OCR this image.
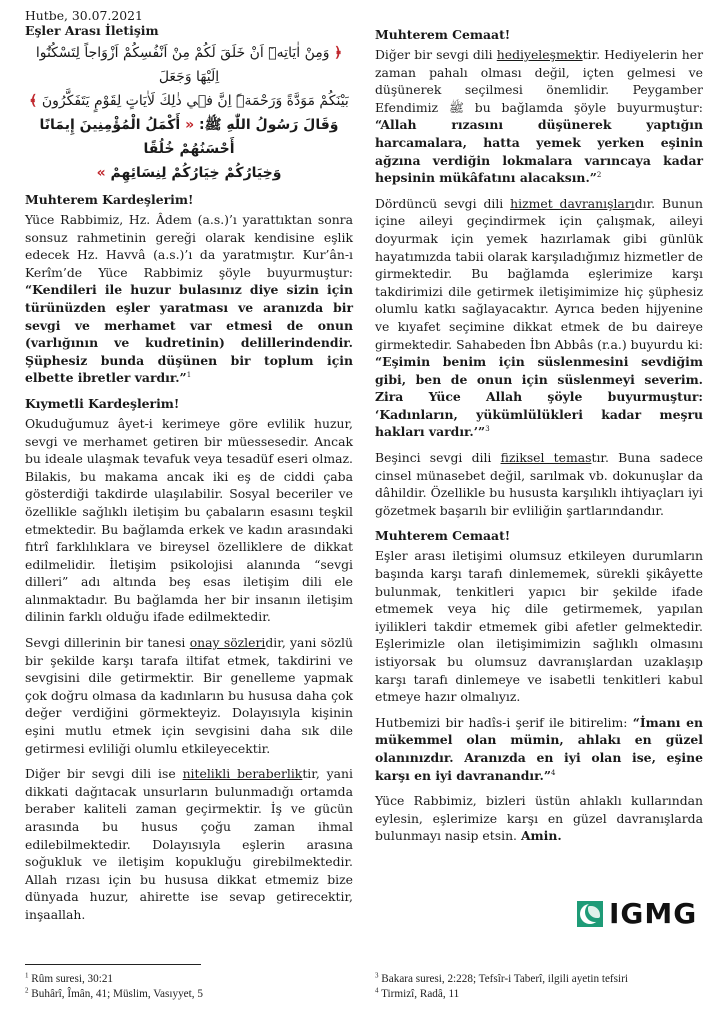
Hutbe, 30.07.2021
Eşler Arası İletişim
﴿ وَمِنْ اٰيَاتِه۪ٓ اَنْ خَلَقَ لَكُمْ مِنْ اَنْفُسِكُمْ اَزْوَاجاً لِتَسْكُنُٓوا اِلَيْهَا وَجَعَلَ
بَيْنَكُمْ مَوَدَّةً وَرَحْمَةًۜ اِنَّ ف۪ي ذٰلِكَ لَاٰيَاتٍ لِقَوْمٍ يَتَفَكَّرُونَ ﴾
وَقَالَ رَسُولُ اللّٰهِ ﷺ: « أَكْمَلُ الْمُؤْمِنِينَ إِيمَانًا أَحْسَنُهُمْ خُلُقًا
وَخِيَارُكُمْ خِيَارُكُمْ لِنِسَائِهِمْ »
Muhterem Kardeşlerim!

Yüce Rabbimiz, Hz. Âdem (a.s.)’ı yarattıktan sonra sonsuz rahmetinin gereği olarak kendisine eşlik edecek Hz. Havvâ (a.s.)’ı da yaratmıştır. Kur’ân-ı Kerîm’de Yüce Rabbimiz şöyle buyurmuştur: “Kendileri ile huzur bulasınız diye sizin için türünüzden eşler yaratması ve aranızda bir sevgi ve merhamet var etmesi de onun (varlığının ve kudretinin) delillerindendir. Şüphesiz bunda düşünen bir toplum için elbette ibretler vardır.”$^1$

Kıymetli Kardeşlerim!

Okuduğumuz âyet-i kerimeye göre evlilik huzur, sevgi ve merhamet getiren bir müessesedir. Ancak bu ideale ulaşmak tevafuk veya tesadüf eseri olmaz. Bilakis, bu makama ancak iki eş de ciddi çaba gösterdiği takdirde ulaşılabilir. Sosyal beceriler ve özellikle sağlıklı iletişim bu çabaların esasını teşkil etmektedir. Bu bağlamda erkek ve kadın arasındaki fıtrî farklılıklara ve bireysel özelliklere de dikkat edilmelidir. İletişim psikolojisi alanında “sevgi dilleri” adı altında beş esas iletişim dili ele alınmaktadır. Bu bağlamda her bir insanın iletişim dilinin farklı olduğu ifade edilmektedir.

Sevgi dillerinin bir tanesi onay sözleridir, yani sözlü bir şekilde karşı tarafa iltifat etmek, takdirini ve sevgisini dile getirmektir. Bir genelleme yapmak çok doğru olmasa da kadınların bu hususa daha çok değer verdiğini görmekteyiz. Dolayısıyla kişinin eşini mutlu etmek için sevgisini daha sık dile getirmesi evliliği olumlu etkileyecektir.

Diğer bir sevgi dili ise nitelikli beraberliktir, yani dikkati dağıtacak unsurların bulunmadığı ortamda beraber kaliteli zaman geçirmektir. İş ve gücün arasında bu husus çoğu zaman ihmal edilebilmektedir. Dolayısıyla eşlerin arasına soğukluk ve iletişim kopukluğu girebilmektedir. Allah rızası için bu hususa dikkat etmemiz bize dünyada huzur, ahirette ise sevap getirecektir, inşaallah.

Muhterem Cemaat!

Diğer bir sevgi dili hediyeleşmektir. Hediyelerin her zaman pahalı olması değil, içten gelmesi ve düşünerek seçilmesi önemlidir. Peygamber Efendimiz ﷺ bu bağlamda şöyle buyurmuştur: “Allah rızasını düşünerek yaptığın harcamalara, hatta yemek yerken eşinin ağzına verdiğin lokmalara varıncaya kadar hepsinin mükâfatını alacaksın.”$^2$

Dördüncü sevgi dili hizmet davranışlarıdır. Bunun içine aileyi geçindirmek için çalışmak, aileyi doyurmak için yemek hazırlamak gibi günlük hayatımızda tabii olarak karşıladığımız hizmetler de girmektedir. Bu bağlamda eşlerimize karşı takdirimizi dile getirmek iletişimimize hiç şüphesiz olumlu katkı sağlayacaktır. Ayrıca beden hijyenine ve kıyafet seçimine dikkat etmek de bu daireye girmektedir. Sahabeden İbn Abbâs (r.a.) buyurdu ki: “Eşimin benim için süslenmesini sevdiğim gibi, ben de onun için süslenmeyi severim. Zira Yüce Allah şöyle buyurmuştur: ‘Kadınların, yükümlülükleri kadar meşru hakları vardır.’”$^3$

Beşinci sevgi dili fiziksel temastır. Buna sadece cinsel münasebet değil, sarılmak vb. dokunuşlar da dâhildir. Özellikle bu hususta karşılıklı ihtiyaçları iyi gözetmek başarılı bir evliliğin şartlarındandır.

Muhterem Cemaat!

Eşler arası iletişimi olumsuz etkileyen durumların başında karşı tarafı dinlememek, sürekli şikâyette bulunmak, tenkitleri yapıcı bir şekilde ifade etmemek veya hiç dile getirmemek, yapılan iyilikleri takdir etmemek gibi afetler gelmektedir. Eşlerimizle olan iletişimimizin sağlıklı olmasını istiyorsak bu olumsuz davranışlardan uzaklaşıp karşı tarafı dinlemeye ve isabetli tenkitleri kabul etmeye hazır olmalıyız.

Hutbemizi bir hadîs-i şerif ile bitirelim: “İmanı en mükemmel olan mümin, ahlakı en güzel olanınızdır. Aranızda en iyi olan ise, eşine karşı en iyi davranandır.”$^4$

Yüce Rabbimiz, bizleri üstün ahlaklı kullarından eylesin, eşlerimize karşı en güzel davranışlarda bulunmayı nasip etsin. Amin.

IGMG
$^1$ Rûm suresi, 30:21
$^2$ Buhârî, Îmân, 41; Müslim, Vasıyyet, 5
$^3$ Bakara suresi, 2:228; Tefsîr-i Taberî, ilgili ayetin tefsiri
$^4$ Tirmizî, Radâ, 11
